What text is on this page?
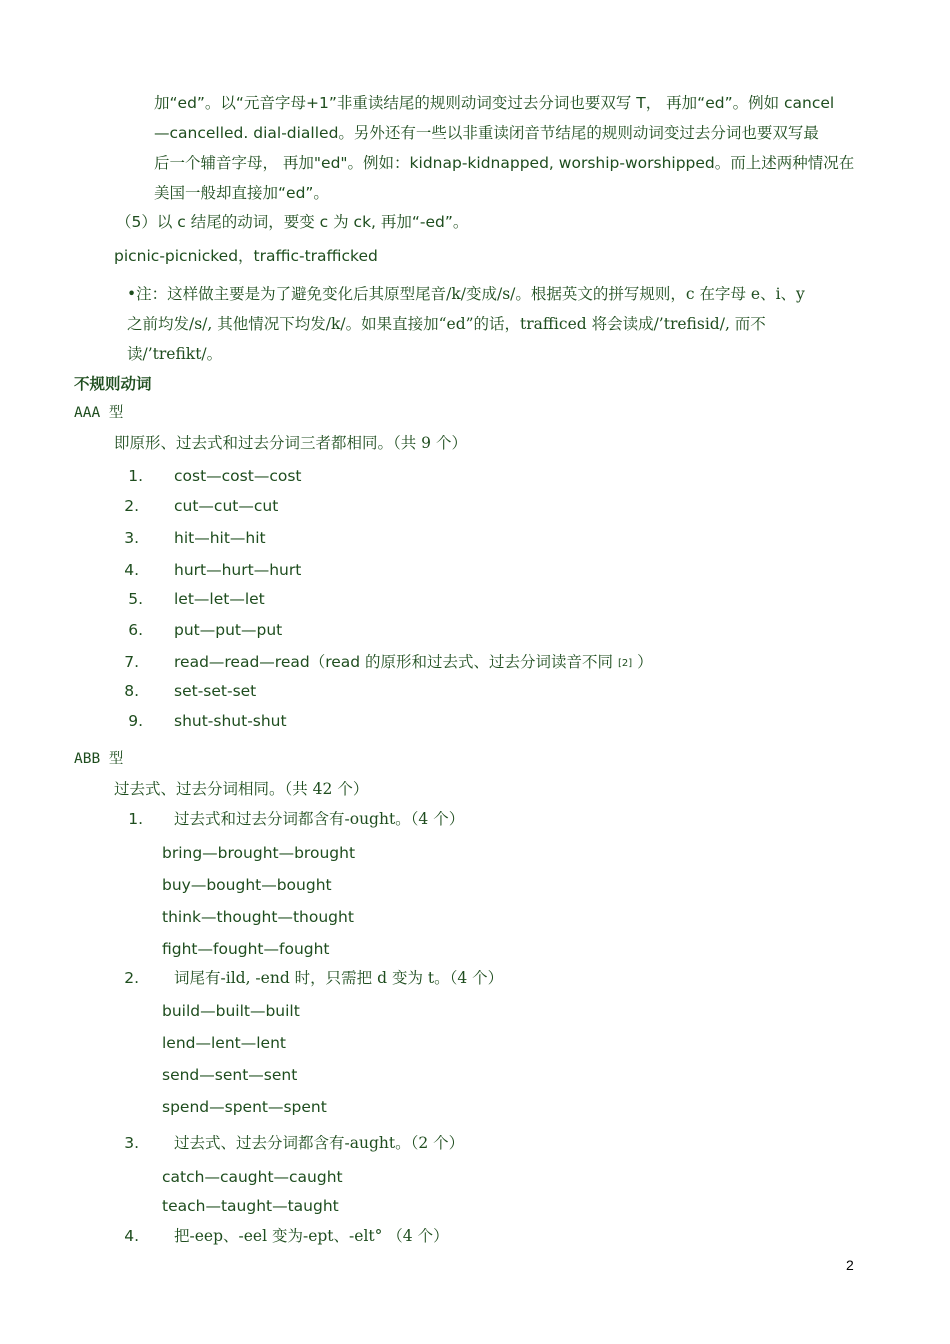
加“ed”。以“元音字母+1”非重读结尾的规则动词变过去分词也要双写 T， 再加“ed”。例如 cancel
—cancelled. dial-dialled。另外还有一些以非重读闭音节结尾的规则动词变过去分词也要双写最
后一个辅音字母， 再加"ed"。例如：kidnap-kidnapped, worship-worshipped。而上述两种情况在
美国一般却直接加“ed”。
（5）以 c 结尾的动词，要变 c 为 ck, 再加“-ed”。
picnic-picnicked，traffic-trafficked
•注：这样做主要是为了避免变化后其原型尾音/k/变成/s/。根据英文的拼写规则，c 在字母 e、i、y
之前均发/s/, 其他情况下均发/k/。如果直接加“ed”的话，trafficed 将会读成/’trefisid/, 而不
读/’trefikt/。
不规则动词
AAA 型
即原形、过去式和过去分词三者都相同。（共 9 个）
1. cost—cost—cost
2. cut—cut—cut
3. hit—hit—hit
4. hurt—hurt—hurt
5. let—let—let
6. put—put—put
7. read—read—read（read 的原形和过去式、过去分词读音不同 [2] ）
8. set-set-set
9. shut-shut-shut
ABB 型
过去式、过去分词相同。（共 42 个）
1. 过去式和过去分词都含有-ought。（4 个）
bring—brought—brought
buy—bought—bought
think—thought—thought
fight—fought—fought
2. 词尾有-ild, -end 时，只需把 d 变为 t。（4 个）
build—built—built
lend—lent—lent
send—sent—sent
spend—spent—spent
3. 过去式、过去分词都含有-aught。（2 个）
catch—caught—caught
teach—taught—taught
4. 把-eep、-eel 变为-ept、-elt° （4 个）
2
